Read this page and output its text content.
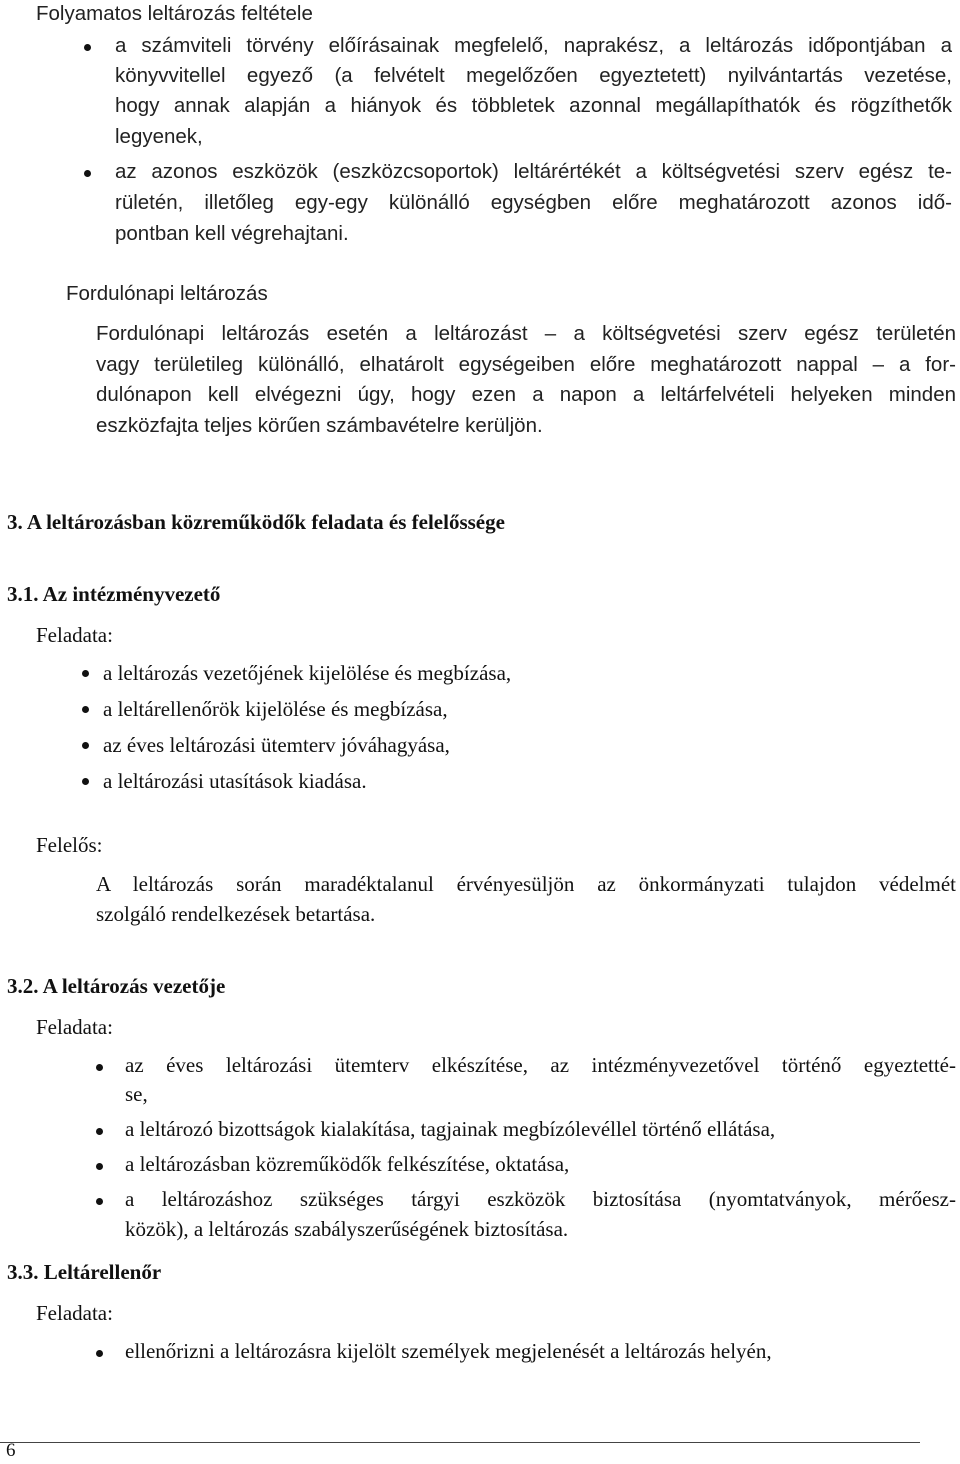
Folyamatos leltározás feltétele
a számviteli törvény előírásainak megfelelő, naprakész, a leltározás időpontjában a
könyvvitellel egyező (a felvételt megelőzően egyeztetett) nyilvántartás vezetése,
hogy annak alapján a hiányok és többletek azonnal megállapíthatók és rögzíthetők
legyenek,
az azonos eszközök (eszközcsoportok) leltárértékét a költségvetési szerv egész te-
rületén, illetőleg egy-egy különálló egységben előre meghatározott azonos idő-
pontban kell végrehajtani.
Fordulónapi leltározás
Fordulónapi leltározás esetén a leltározást – a költségvetési szerv egész területén
vagy területileg különálló, elhatárolt egységeiben előre meghatározott nappal – a for-
dulónapon kell elvégezni úgy, hogy ezen a napon a leltárfelvételi helyeken minden
eszközfajta teljes körűen számbavételre kerüljön.
3. A leltározásban közreműködők feladata és felelőssége
3.1. Az intézményvezető
Feladata:
a leltározás vezetőjének kijelölése és megbízása,
a leltárellenőrök kijelölése és megbízása,
az éves leltározási ütemterv jóváhagyása,
a leltározási utasítások kiadása.
Felelős:
A leltározás során maradéktalanul érvényesüljön az önkormányzati tulajdon védelmét
szolgáló rendelkezések betartása.
3.2. A leltározás vezetője
Feladata:
az éves leltározási ütemterv elkészítése, az intézményvezetővel történő egyeztetté-
se,
a leltározó bizottságok kialakítása, tagjainak megbízólevéllel történő ellátása,
a leltározásban közreműködők felkészítése, oktatása,
a leltározáshoz szükséges tárgyi eszközök biztosítása (nyomtatványok, mérőesz-
közök), a leltározás szabályszerűségének biztosítása.
3.3. Leltárellenőr
Feladata:
ellenőrizni a leltározásra kijelölt személyek megjelenését a leltározás helyén,
6
